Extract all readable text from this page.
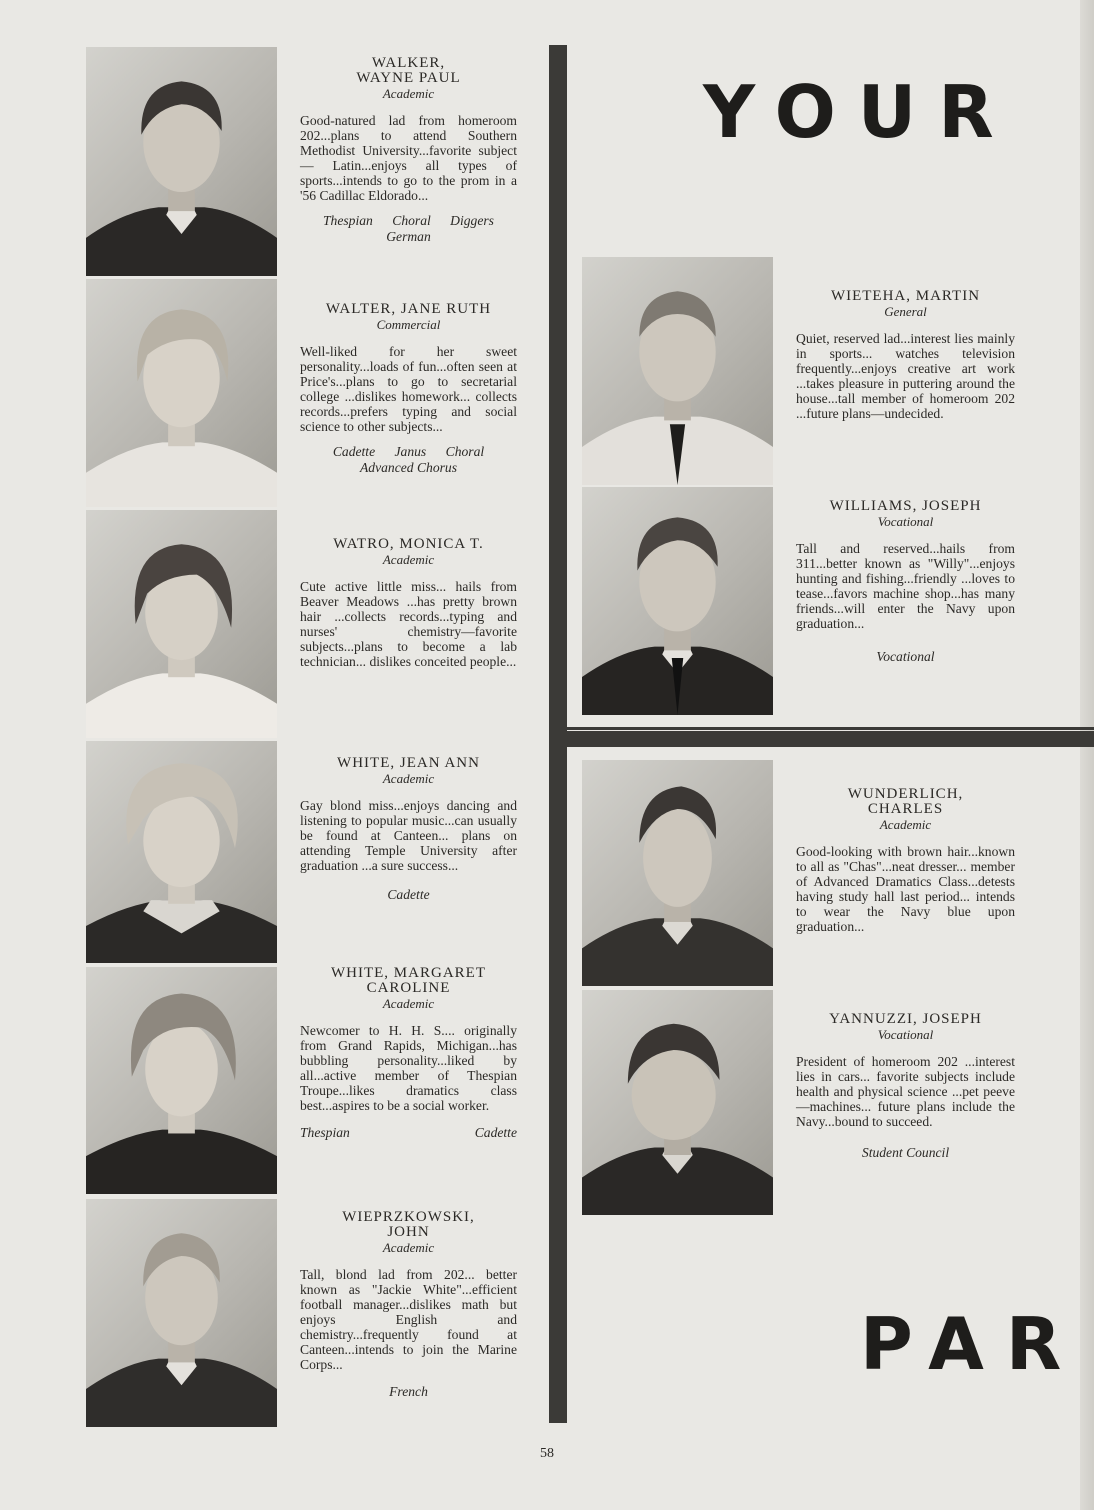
YOUR
PAR
WALKER, WAYNE PAUL
Academic
Good-natured lad from homeroom 202...plans to attend Southern Methodist University...favorite subject — Latin...enjoys all types of sports...intends to go to the prom in a '56 Cadillac Eldorado...
Thespian Choral Diggers
German
WALTER, JANE RUTH
Commercial
Well-liked for her sweet personality...loads of fun...often seen at Price's...plans to go to secretarial college ...dislikes homework... collects records...prefers typing and social science to other subjects...
Cadette Janus Choral
Advanced Chorus
WATRO, MONICA T.
Academic
Cute active little miss... hails from Beaver Meadows ...has pretty brown hair ...collects records...typing and nurses' chemistry—favorite subjects...plans to become a lab technician... dislikes conceited people...
WHITE, JEAN ANN
Academic
Gay blond miss...enjoys dancing and listening to popular music...can usually be found at Canteen... plans on attending Temple University after graduation ...a sure success...
Cadette
WHITE, MARGARET CAROLINE
Academic
Newcomer to H. H. S.... originally from Grand Rapids, Michigan...has bubbling personality...liked by all...active member of Thespian Troupe...likes dramatics class best...aspires to be a social worker.
Thespian	Cadette
WIEPRZKOWSKI, JOHN
Academic
Tall, blond lad from 202... better known as "Jackie White"...efficient football manager...dislikes math but enjoys English and chemistry...frequently found at Canteen...intends to join the Marine Corps...
French
WIETEHA, MARTIN
General
Quiet, reserved lad...interest lies mainly in sports... watches television frequently...enjoys creative art work ...takes pleasure in puttering around the house...tall member of homeroom 202 ...future plans—undecided.
WILLIAMS, JOSEPH
Vocational
Tall and reserved...hails from 311...better known as "Willy"...enjoys hunting and fishing...friendly ...loves to tease...favors machine shop...has many friends...will enter the Navy upon graduation...
Vocational
WUNDERLICH, CHARLES
Academic
Good-looking with brown hair...known to all as "Chas"...neat dresser... member of Advanced Dramatics Class...detests having study hall last period... intends to wear the Navy blue upon graduation...
YANNUZZI, JOSEPH
Vocational
President of homeroom 202 ...interest lies in cars... favorite subjects include health and physical science ...pet peeve—machines... future plans include the Navy...bound to succeed.
Student Council
58
